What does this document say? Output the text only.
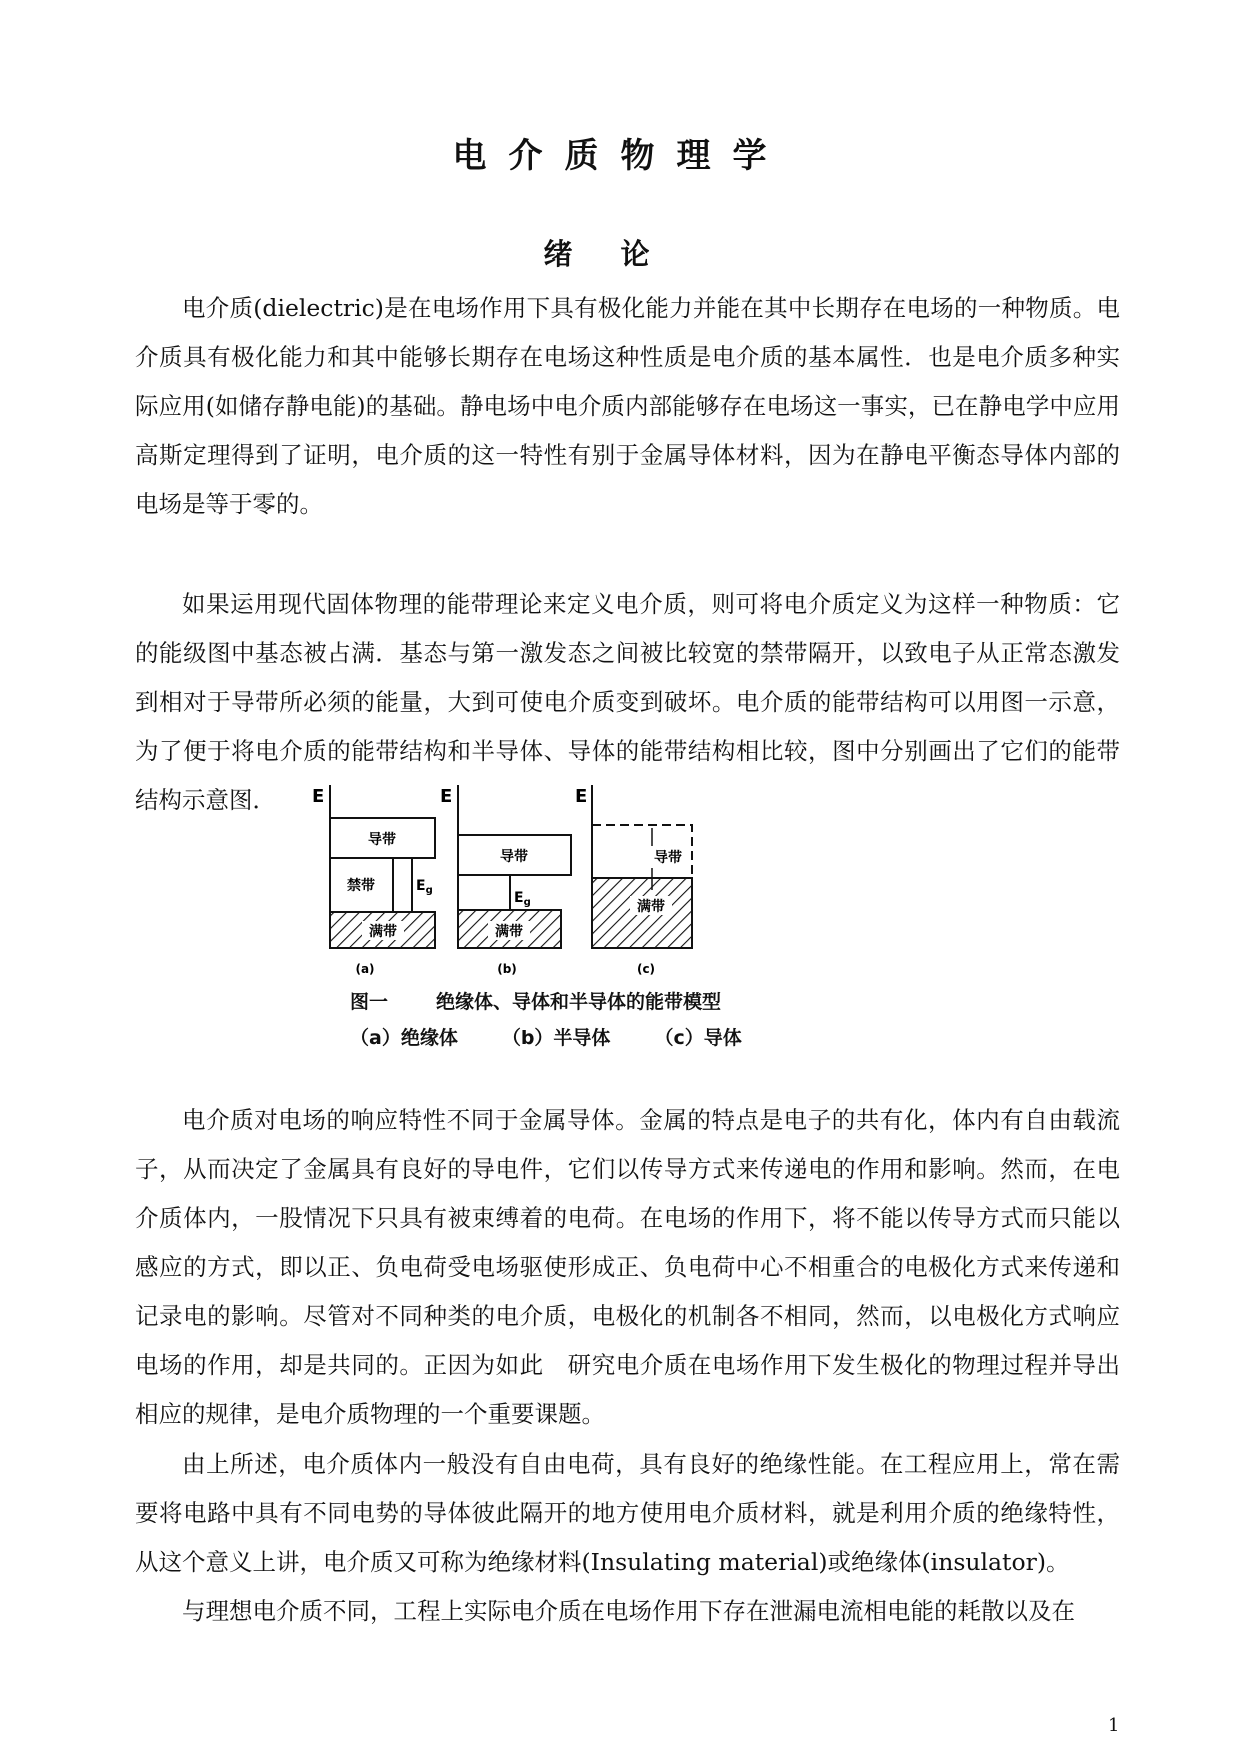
电介质物理学
绪论

电介质(dielectric)是在电场作用下具有极化能力并能在其中长期存在电场的一种物质。电介质具有极化能力和其中能够长期存在电场这种性质是电介质的基本属性．也是电介质多种实际应用(如储存静电能)的基础。静电场中电介质内部能够存在电场这一事实，已在静电学中应用高斯定理得到了证明，电介质的这一特性有别于金属导体材料，因为在静电平衡态导体内部的电场是等于零的。

如果运用现代固体物理的能带理论来定义电介质，则可将电介质定义为这样一种物质：它的能级图中基态被占满．基态与第一激发态之间被比较宽的禁带隔开，以致电子从正常态激发到相对于导带所必须的能量，大到可使电介质变到破坏。电介质的能带结构可以用图一示意，为了便于将电介质的能带结构和半导体、导体的能带结构相比较，图中分别画出了它们的能带结构示意图．	E
导带
禁带	$E_g$
满带
(a)
E
导带
$E_g$
满带
(b)
E
导带
满带
(c)
图一	绝缘体、导体和半导体的能带模型
（a）绝缘体 （b）半导体 （c）导体

电介质对电场的响应特性不同于金属导体。金属的特点是电子的共有化，体内有自由载流子，从而决定了金属具有良好的导电件，它们以传导方式来传递电的作用和影响。然而，在电介质体内，一股情况下只具有被束缚着的电荷。在电场的作用下，将不能以传导方式而只能以感应的方式，即以正、负电荷受电场驱使形成正、负电荷中心不相重合的电极化方式来传递和记录电的影响。尽管对不同种类的电介质，电极化的机制各不相同，然而，以电极化方式响应电场的作用，却是共同的。正因为如此　研究电介质在电场作用下发生极化的物理过程并导出相应的规律，是电介质物理的一个重要课题。

由上所述，电介质体内一般没有自由电荷，具有良好的绝缘性能。在工程应用上，常在需要将电路中具有不同电势的导体彼此隔开的地方使用电介质材料，就是利用介质的绝缘特性，从这个意义上讲，电介质又可称为绝缘材料(Insulating material)或绝缘体(insulator)。

与理想电介质不同，工程上实际电介质在电场作用下存在泄漏电流相电能的耗散以及在

1
